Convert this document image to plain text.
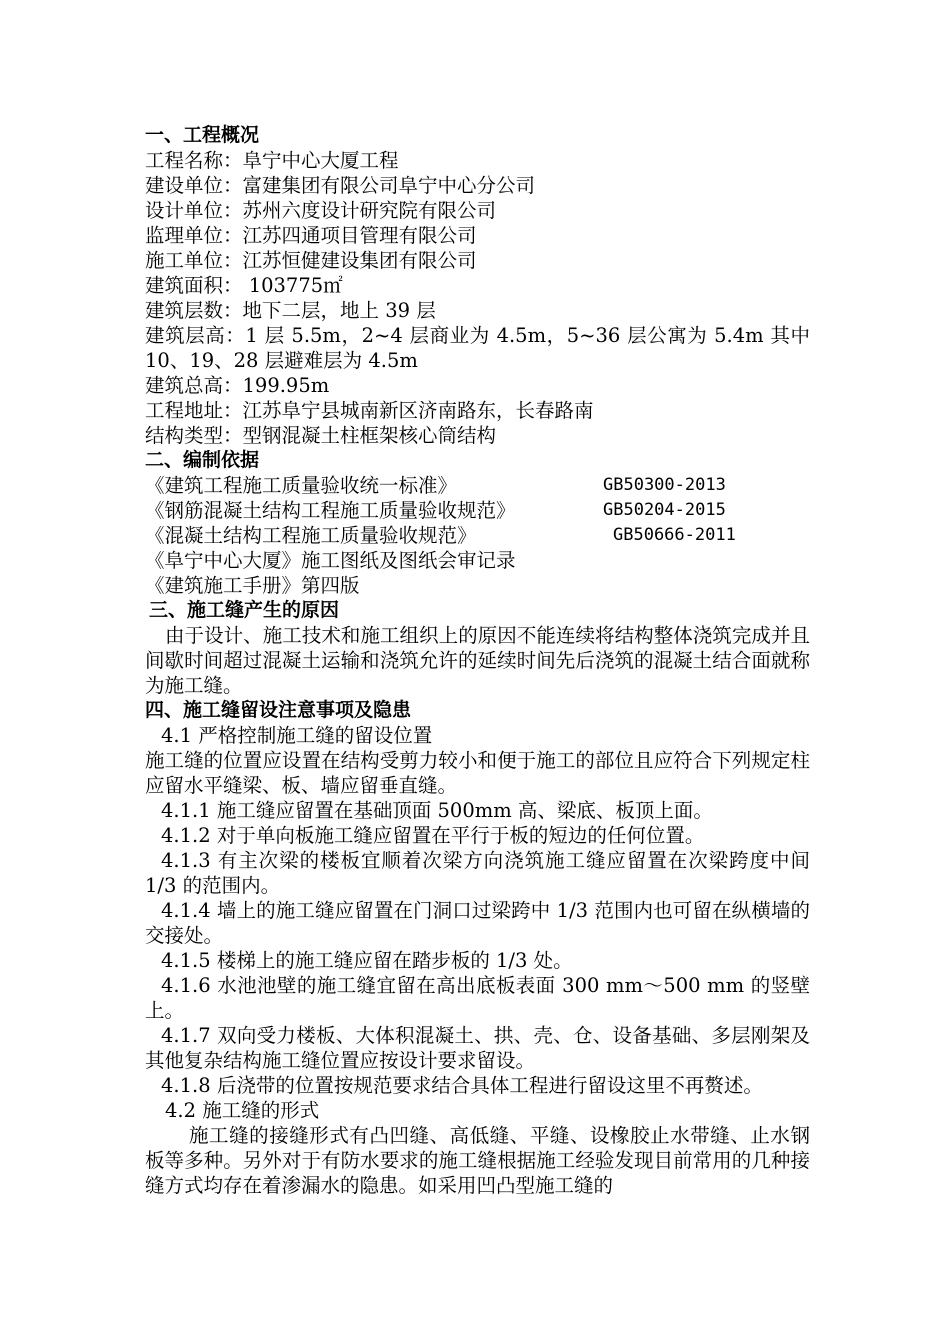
一、工程概况
工程名称：阜宁中心大厦工程
建设单位：富建集团有限公司阜宁中心分公司
设计单位：苏州六度设计研究院有限公司
监理单位：江苏四通项目管理有限公司
施工单位：江苏恒健建设集团有限公司
建筑面积： 103775㎡
建筑层数：地下二层，地上 39 层
建筑层高：1 层 5.5m，2~4 层商业为 4.5m，5~36 层公寓为 5.4m 其中10、19、28 层避难层为 4.5m
建筑总高：199.95m
工程地址：江苏阜宁县城南新区济南路东，长春路南
结构类型：型钢混凝土柱框架核心筒结构
二、编制依据
《建筑工程施工质量验收统一标准》	GB50300-2013
《钢筋混凝土结构工程施工质量验收规范》	GB50204-2015
《混凝土结构工程施工质量验收规范》	GB50666-2011
《阜宁中心大厦》施工图纸及图纸会审记录
《建筑施工手册》第四版
三、施工缝产生的原因
由于设计、施工技术和施工组织上的原因不能连续将结构整体浇筑完成并且间歇时间超过混凝土运输和浇筑允许的延续时间先后浇筑的混凝土结合面就称为施工缝。
四、施工缝留设注意事项及隐患
4.1 严格控制施工缝的留设位置
施工缝的位置应设置在结构受剪力较小和便于施工的部位且应符合下列规定柱应留水平缝梁、板、墙应留垂直缝。
4.1.1 施工缝应留置在基础顶面 500mm 高、梁底、板顶上面。
4.1.2 对于单向板施工缝应留置在平行于板的短边的任何位置。
4.1.3 有主次梁的楼板宜顺着次梁方向浇筑施工缝应留置在次梁跨度中间 1/3 的范围内。
4.1.4 墙上的施工缝应留置在门洞口过梁跨中 1/3 范围内也可留在纵横墙的交接处。
4.1.5 楼梯上的施工缝应留在踏步板的 1/3 处。
4.1.6 水池池壁的施工缝宜留在高出底板表面 300 mm～500 mm 的竖壁上。
4.1.7 双向受力楼板、大体积混凝土、拱、壳、仓、设备基础、多层刚架及其他复杂结构施工缝位置应按设计要求留设。
4.1.8 后浇带的位置按规范要求结合具体工程进行留设这里不再赘述。
4.2 施工缝的形式
施工缝的接缝形式有凸凹缝、高低缝、平缝、设橡胶止水带缝、止水钢板等多种。另外对于有防水要求的施工缝根据施工经验发现目前常用的几种接缝方式均存在着渗漏水的隐患。如采用凹凸型施工缝的
